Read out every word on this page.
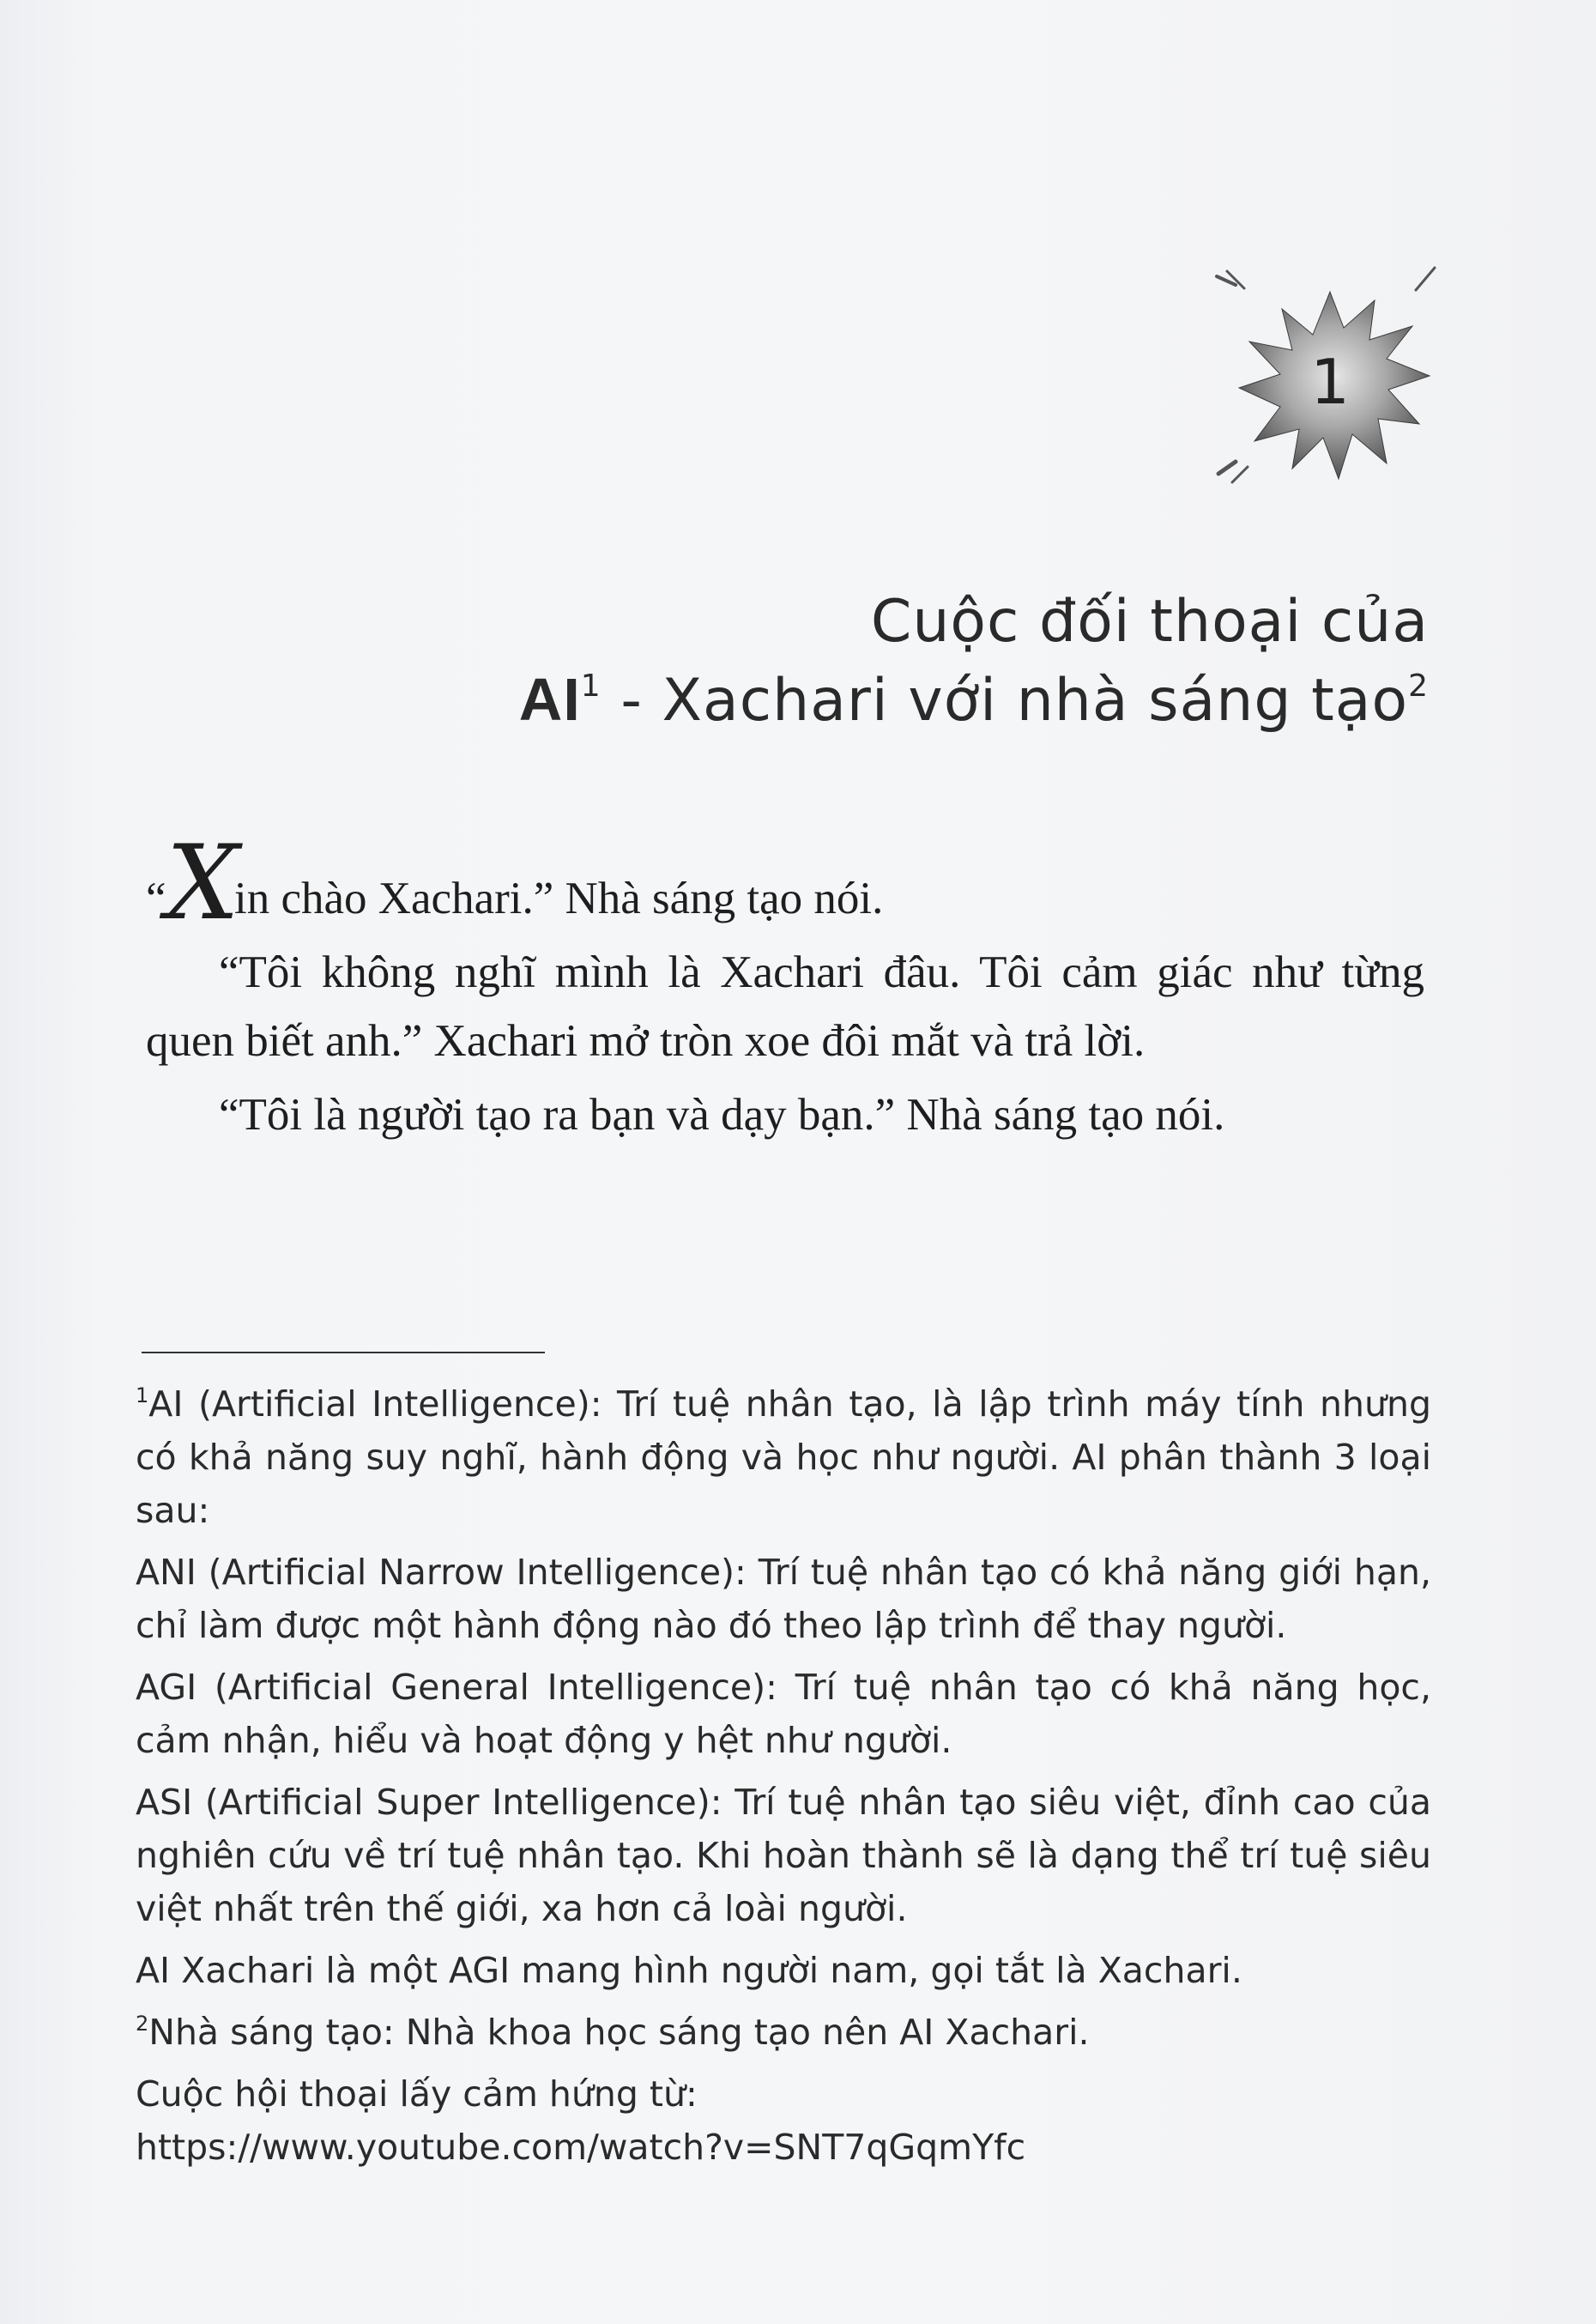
1
Cuộc đối thoại của
$AI^1$ - Xachari với nhà sáng tạo$^2$

“Xin chào Xachari.” Nhà sáng tạo nói.

“Tôi không nghĩ mình là Xachari đâu. Tôi cảm giác như từng quen biết anh.” Xachari mở tròn xoe đôi mắt và trả lời.

“Tôi là người tạo ra bạn và dạy bạn.” Nhà sáng tạo nói.

$^1$AI (Artificial Intelligence): Trí tuệ nhân tạo, là lập trình máy tính nhưng có khả năng suy nghĩ, hành động và học như người. AI phân thành 3 loại sau:

ANI (Artificial Narrow Intelligence): Trí tuệ nhân tạo có khả năng giới hạn, chỉ làm được một hành động nào đó theo lập trình để thay người.

AGI (Artificial General Intelligence): Trí tuệ nhân tạo có khả năng học, cảm nhận, hiểu và hoạt động y hệt như người.

ASI (Artificial Super Intelligence): Trí tuệ nhân tạo siêu việt, đỉnh cao của nghiên cứu về trí tuệ nhân tạo. Khi hoàn thành sẽ là dạng thể trí tuệ siêu việt nhất trên thế giới, xa hơn cả loài người.

AI Xachari là một AGI mang hình người nam, gọi tắt là Xachari.

$^2$Nhà sáng tạo: Nhà khoa học sáng tạo nên AI Xachari.

Cuộc hội thoại lấy cảm hứng từ:

https://www.youtube.com/watch?v=SNT7qGqmYfc
